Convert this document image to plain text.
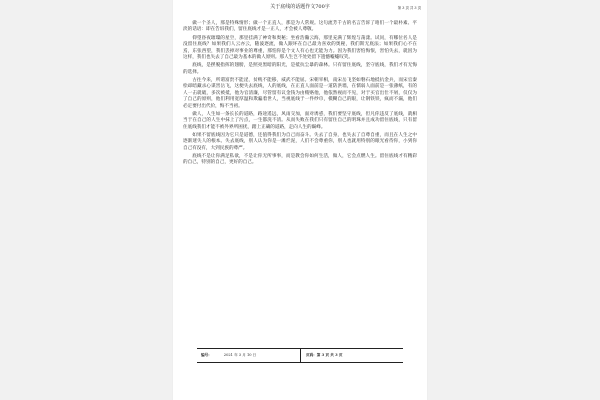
关于底线的话题作文700字	第 3 页 共 3 页

做一个圣人，那是特殊情形；做一个正直人，那是为人常规。这句流芳千古的名言告诉了咱们一个最朴素、平淡的话语：即在告诉我们，留住底线才是一正人，才会被人尊敬。

仰望昏夜璀璨的星空，那里挂满了神奇和奥秘；坐看浩瀚云海，那里充满了辉煌与荡漾。试问，有哪位名人是没留住底线？如果我们人云亦云，随波逐流，做人跟坏在自己最为喜欢的奥秘，我们斯无底法；如果我们心不在焉，东张西望，我们丢掉对事业的尊重，那怕你是个文人有心也无能为力。因为我们害怕悔恨，害怕失去，就因为这样，我们也失去了自己最为基本的做人原则。那人生岂不处处留下遗憾嘘嘘叹笑。

底线，是摆脱指挥的翅膀，是照亮黑暗的阳光，是抵抗尘暴的森林。只有留住底线，坚守底线，我们才有无悔的选择。

古往今来，所谓富贵不能淫，贫贱不能移，威武不能屈。宋朝宰相，南宋岳飞坚如磐石地抵抗金兵，而宋官秦桧却暗藏杀心谋害岳飞，这便失去底线，人的底线，在正直人面前是一道防洪墙，在懦弱人面前是一张薄纸，有的人一击就破，多次被抵，他为官清廉，尽管留有议金钱为由贿赂他，他依然视而不见，对于买官出仕不屑，仅仅为了自己的原则，他们利用宽厚温和欺骗着世人，当视底线于一件纱巾，模糊自己的眼，让钢铁铁，疯而不漏，他们必定要付出代价，悔不当初。

做人，人生如一条长长的道路，路途遥远，风雨交加，面对诱惑，我们要坚守底线，但凡你违反了底线，就相当于在自己的人生中抹上了污点，一生都洗不清。从而失败在我们只有留住自己的明珠并且成功留住底线，只有留住底线我们才能不被外界所困扰，踏上正确的道路，走向人生的巅峰。

如果不留底线因为它只是道德，还值得我们为自己而奋斗。失去了自身，也失去了自尊自重，而且在人生之中逐渐迷失人的根本。失去底线，别人认为你是一滩烂泥，人们不会尊重你，别人也就用特别的眼光看待你，小到你自己有没有，大到民族的尊严。

底线不是让你满足私欲，不是让你无所事事，而是教会你如何生活，做人，它会点燃人生。留住底线才有精彩的自己，特别的自己，更好的自己。

编号：	2021 年 3 月 10 日	页码：第 3 页 共 3 页
